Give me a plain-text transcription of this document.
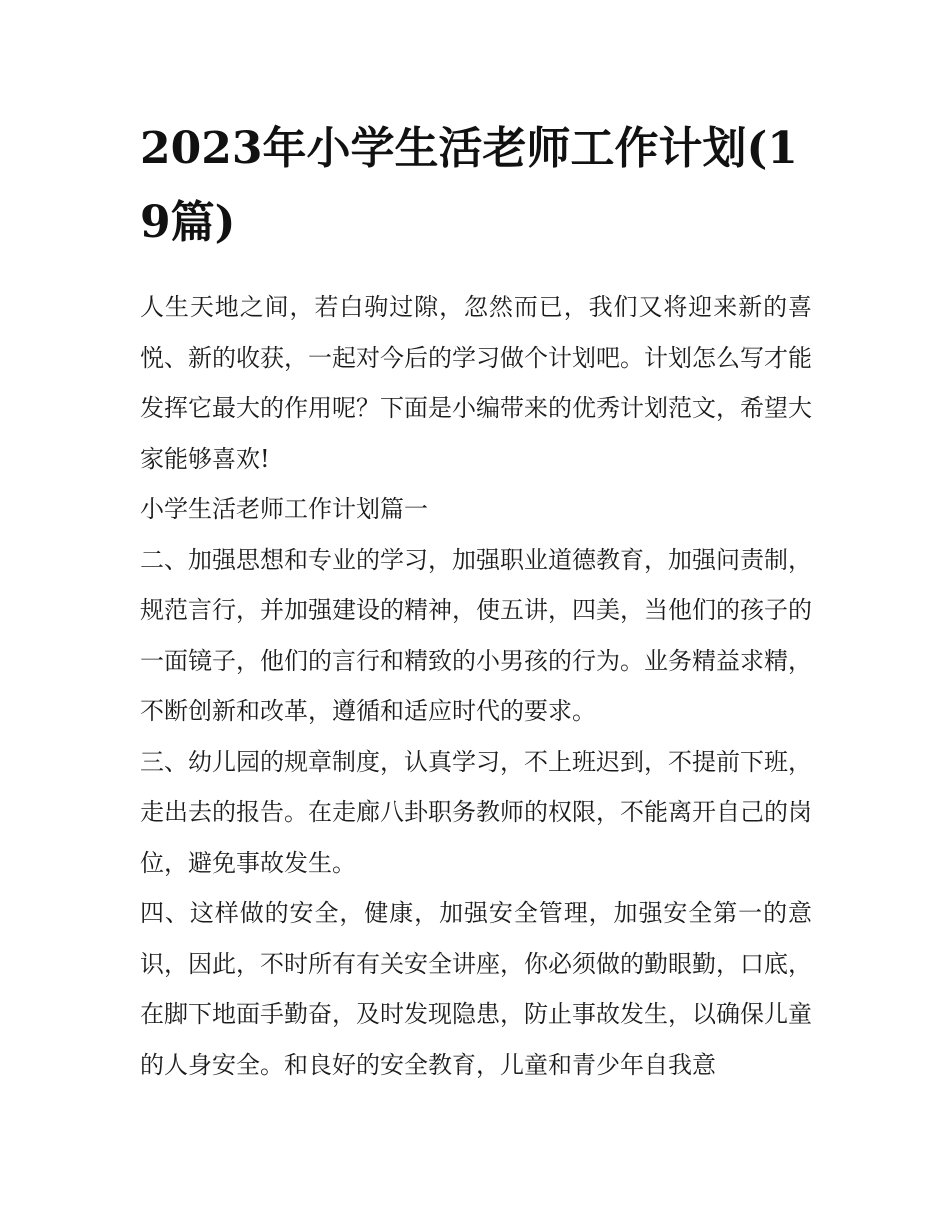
2023年小学生活老师工作计划(19篇)

人生天地之间，若白驹过隙，忽然而已，我们又将迎来新的喜悦、新的收获，一起对今后的学习做个计划吧。计划怎么写才能发挥它最大的作用呢？下面是小编带来的优秀计划范文，希望大家能够喜欢!

小学生活老师工作计划篇一

二、加强思想和专业的学习，加强职业道德教育，加强问责制，规范言行，并加强建设的精神，使五讲，四美，当他们的孩子的一面镜子，他们的言行和精致的小男孩的行为。业务精益求精，不断创新和改革，遵循和适应时代的要求。

三、幼儿园的规章制度，认真学习，不上班迟到，不提前下班，走出去的报告。在走廊八卦职务教师的权限，不能离开自己的岗位，避免事故发生。

四、这样做的安全，健康，加强安全管理，加强安全第一的意识，因此，不时所有有关安全讲座，你必须做的勤眼勤，口底，在脚下地面手勤奋，及时发现隐患，防止事故发生，以确保儿童的人身安全。和良好的安全教育，儿童和青少年自我意
